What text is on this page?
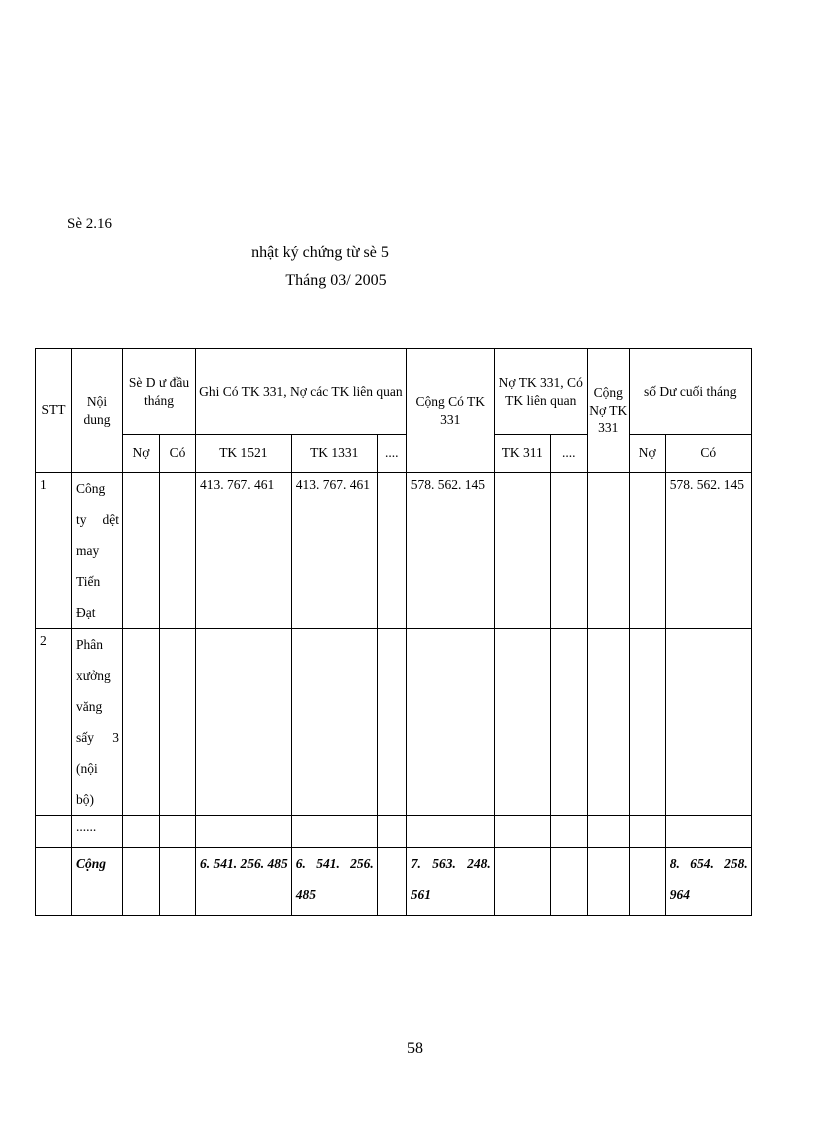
Sè 2.16
nhật ký chứng từ sè 5
Tháng 03/ 2005
STT	Nội dung	Sè D ư đầu tháng		Ghi Có TK 331, Nợ các TK liên quan			Cộng Có TK 331	Nợ TK 331, Có TK liên quan		Cộng Nợ TK 331	số Dư cuối tháng	
		Nợ	Có	TK 1521	TK 1331	....		TK 311	....		Nợ	Có
1	Công ty dệt may Tiến Đạt			413. 767. 461	413. 767. 461		578. 562. 145					578. 562. 145
2	Phân xưởng văng sấy 3 (nội bộ)											
	......											
	Cộng			6. 541. 256. 485	6. 541. 256. 485		7. 563. 248. 561					8. 654. 258. 964
58
